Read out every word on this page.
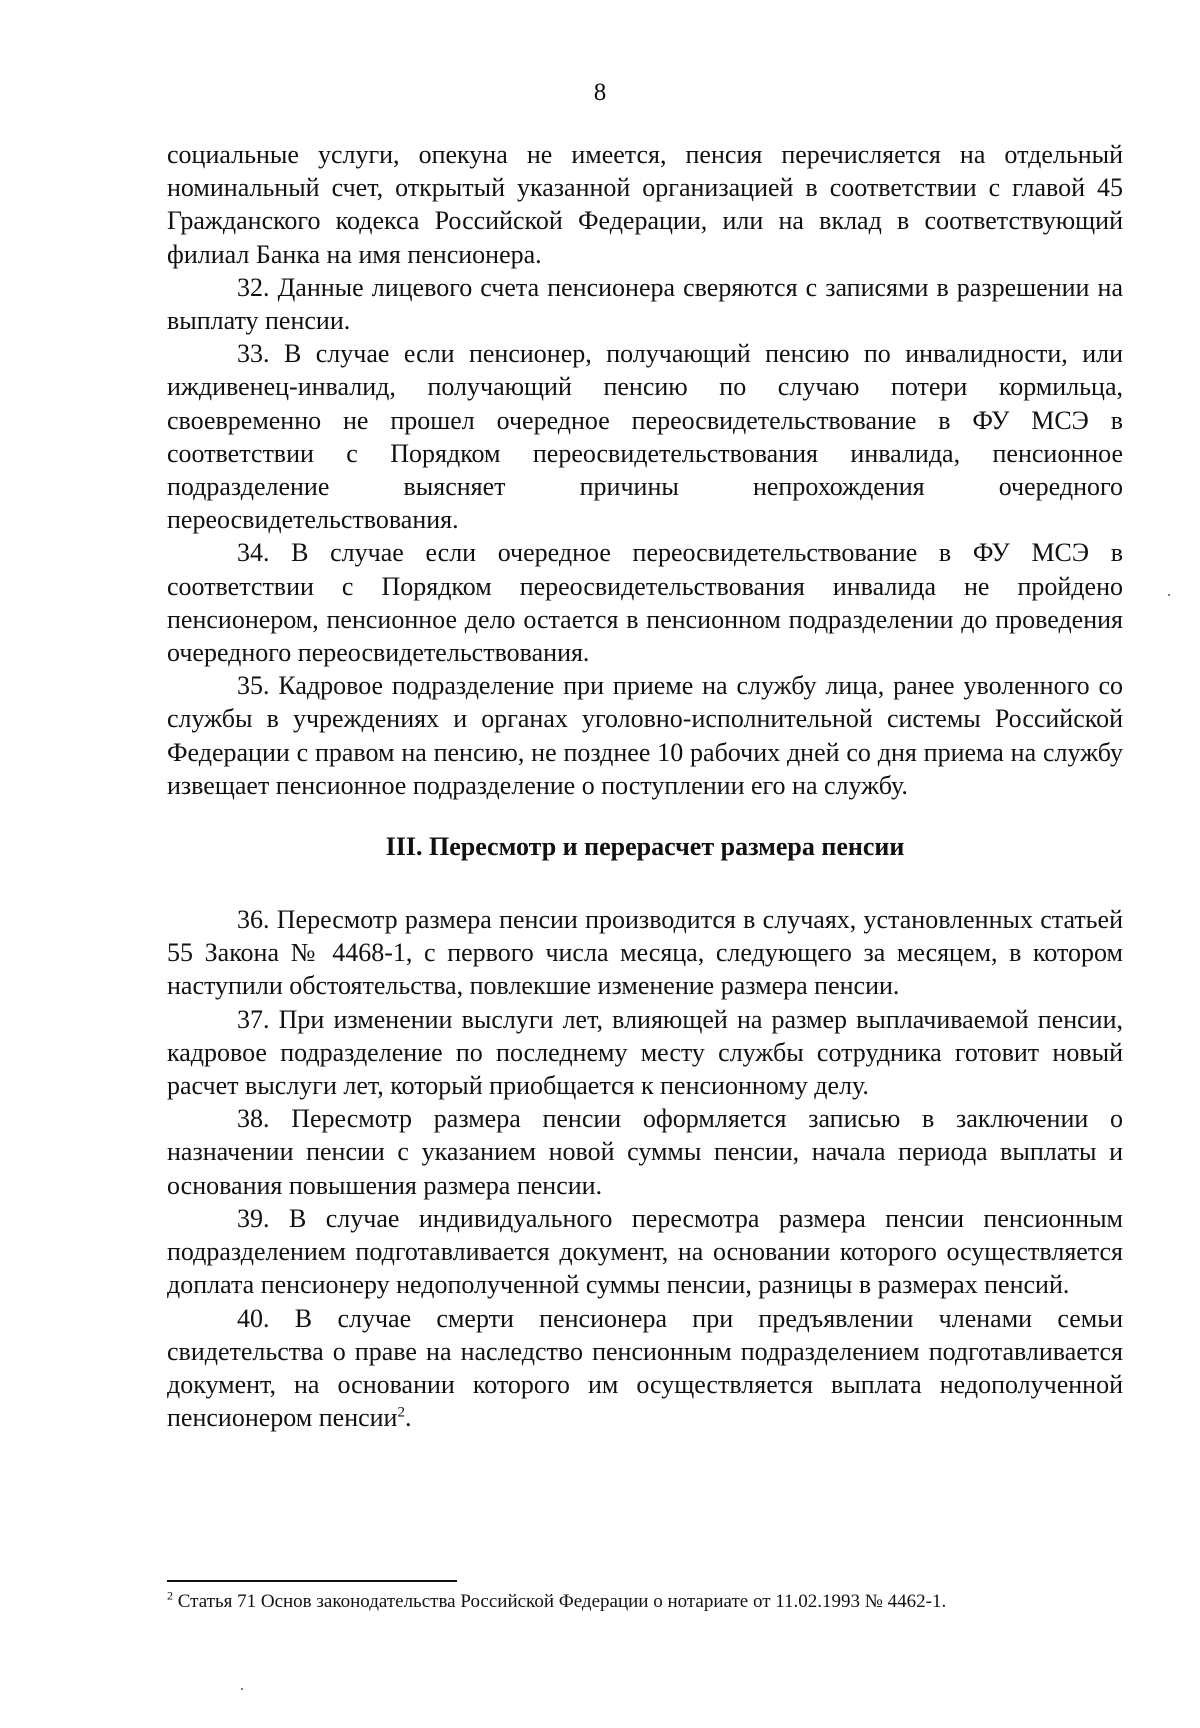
8

социальные услуги, опекуна не имеется, пенсия перечисляется на отдельный номинальный счет, открытый указанной организацией в соответствии с главой 45 Гражданского кодекса Российской Федерации, или на вклад в соответствующий филиал Банка на имя пенсионера.

32. Данные лицевого счета пенсионера сверяются с записями в разрешении на выплату пенсии.

33. В случае если пенсионер, получающий пенсию по инвалидности, или иждивенец-инвалид, получающий пенсию по случаю потери кормильца, своевременно не прошел очередное переосвидетельствование в ФУ МСЭ в соответствии с Порядком переосвидетельствования инвалида, пенсионное подразделение выясняет причины непрохождения очередного переосвидетельствования.

34. В случае если очередное переосвидетельствование в ФУ МСЭ в соответствии с Порядком переосвидетельствования инвалида не пройдено пенсионером, пенсионное дело остается в пенсионном подразделении до проведения очередного переосвидетельствования.

35. Кадровое подразделение при приеме на службу лица, ранее уволенного со службы в учреждениях и органах уголовно-исполнительной системы Российской Федерации с правом на пенсию, не позднее 10 рабочих дней со дня приема на службу извещает пенсионное подразделение о поступлении его на службу.

III. Пересмотр и перерасчет размера пенсии

36. Пересмотр размера пенсии производится в случаях, установленных статьей 55 Закона № 4468-1, с первого числа месяца, следующего за месяцем, в котором наступили обстоятельства, повлекшие изменение размера пенсии.

37. При изменении выслуги лет, влияющей на размер выплачиваемой пенсии, кадровое подразделение по последнему месту службы сотрудника готовит новый расчет выслуги лет, который приобщается к пенсионному делу.

38. Пересмотр размера пенсии оформляется записью в заключении о назначении пенсии с указанием новой суммы пенсии, начала периода выплаты и основания повышения размера пенсии.

39. В случае индивидуального пересмотра размера пенсии пенсионным подразделением подготавливается документ, на основании которого осуществляется доплата пенсионеру недополученной суммы пенсии, разницы в размерах пенсий.

40. В случае смерти пенсионера при предъявлении членами семьи свидетельства о праве на наследство пенсионным подразделением подготавливается документ, на основании которого им осуществляется выплата недополученной пенсионером пенсии$^2$.

$^2$ Статья 71 Основ законодательства Российской Федерации о нотариате от 11.02.1993 № 4462-1.
